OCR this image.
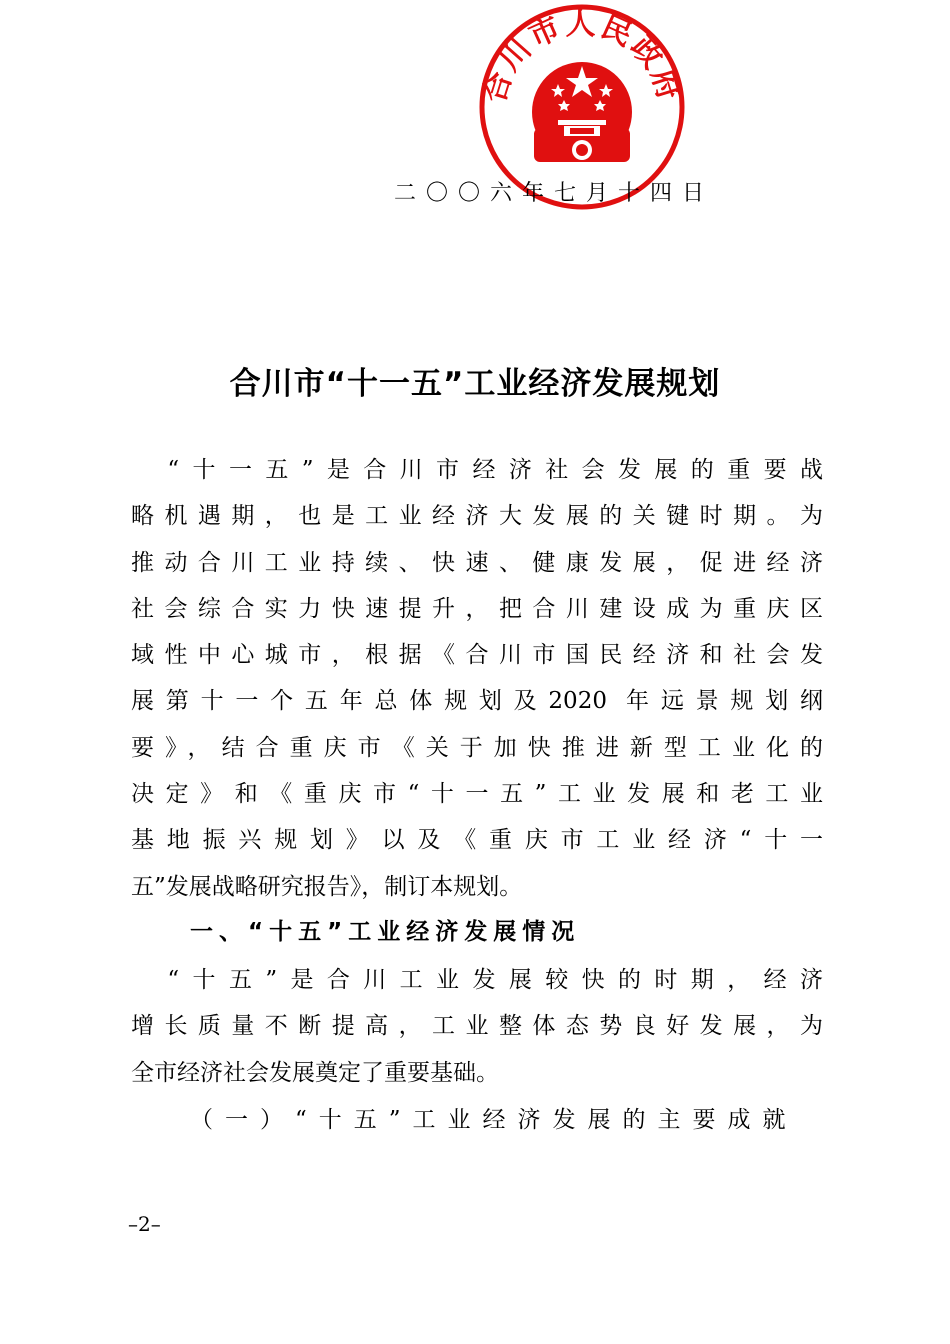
合川市人民政府
二〇〇六年七月十四日
合川市“十一五”工业经济发展规划
　“十一五”是合川市经济社会发展的重要战
略机遇期，也是工业经济大发展的关键时期。为
推动合川工业持续、快速、健康发展，促进经济
社会综合实力快速提升，把合川建设成为重庆区
域性中心城市，根据《合川市国民经济和社会发
展第十一个五年总体规划及2020 年远景规划纲
要》，结合重庆市《关于加快推进新型工业化的
决定》和《重庆市“十一五”工业发展和老工业
基地振兴规划》以及《重庆市工业经济“十一
五”发展战略研究报告》，制订本规划。
一、“十五”工业经济发展情况
　“十五”是合川工业发展较快的时期，经济
增长质量不断提高，工业整体态势良好发展，为
全市经济社会发展奠定了重要基础。
（一）“十五”工业经济发展的主要成就
–2–
